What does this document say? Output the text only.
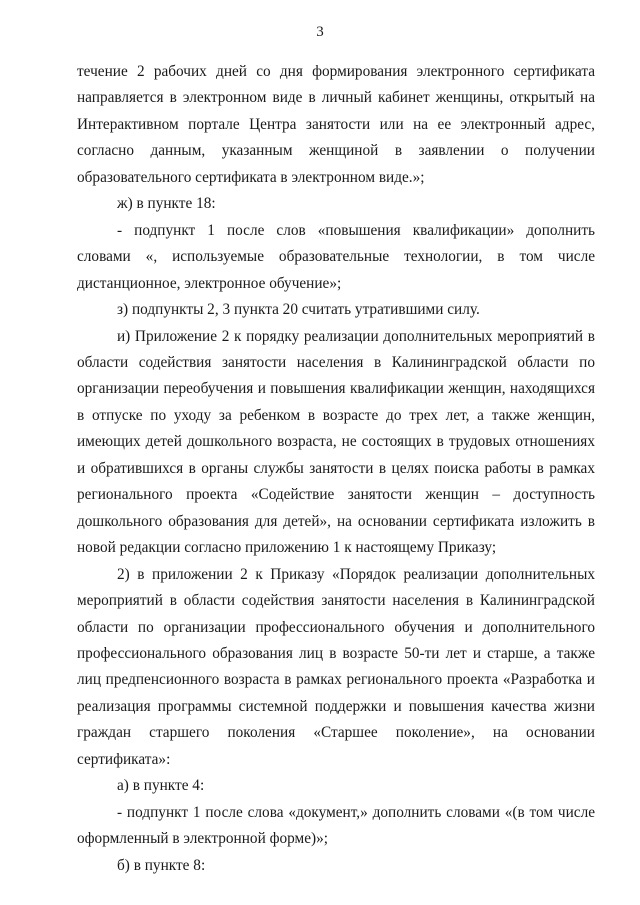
3

течение 2 рабочих дней со дня формирования электронного сертификата направляется в электронном виде в личный кабинет женщины, открытый на Интерактивном портале Центра занятости или на ее электронный адрес, согласно данным, указанным женщиной в заявлении о получении образовательного сертификата в электронном виде.»;

ж) в пункте 18:

- подпункт 1 после слов «повышения квалификации» дополнить словами «, используемые образовательные технологии, в том числе дистанционное, электронное обучение»;

з) подпункты 2, 3 пункта 20 считать утратившими силу.

и) Приложение 2 к порядку реализации дополнительных мероприятий в области содействия занятости населения в Калининградской области по организации переобучения и повышения квалификации женщин, находящихся в отпуске по уходу за ребенком в возрасте до трех лет, а также женщин, имеющих детей дошкольного возраста, не состоящих в трудовых отношениях и обратившихся в органы службы занятости в целях поиска работы в рамках регионального проекта «Содействие занятости женщин – доступность дошкольного образования для детей», на основании сертификата изложить в новой редакции согласно приложению 1 к настоящему Приказу;

2) в приложении 2 к Приказу «Порядок реализации дополнительных мероприятий в области содействия занятости населения в Калининградской области по организации профессионального обучения и дополнительного профессионального образования лиц в возрасте 50-ти лет и старше, а также лиц предпенсионного возраста в рамках регионального проекта «Разработка и реализация программы системной поддержки и повышения качества жизни граждан старшего поколения «Старшее поколение», на основании сертификата»:

а) в пункте 4:

- подпункт 1 после слова «документ,» дополнить словами «(в том числе оформленный в электронной форме)»;

б) в пункте 8:
